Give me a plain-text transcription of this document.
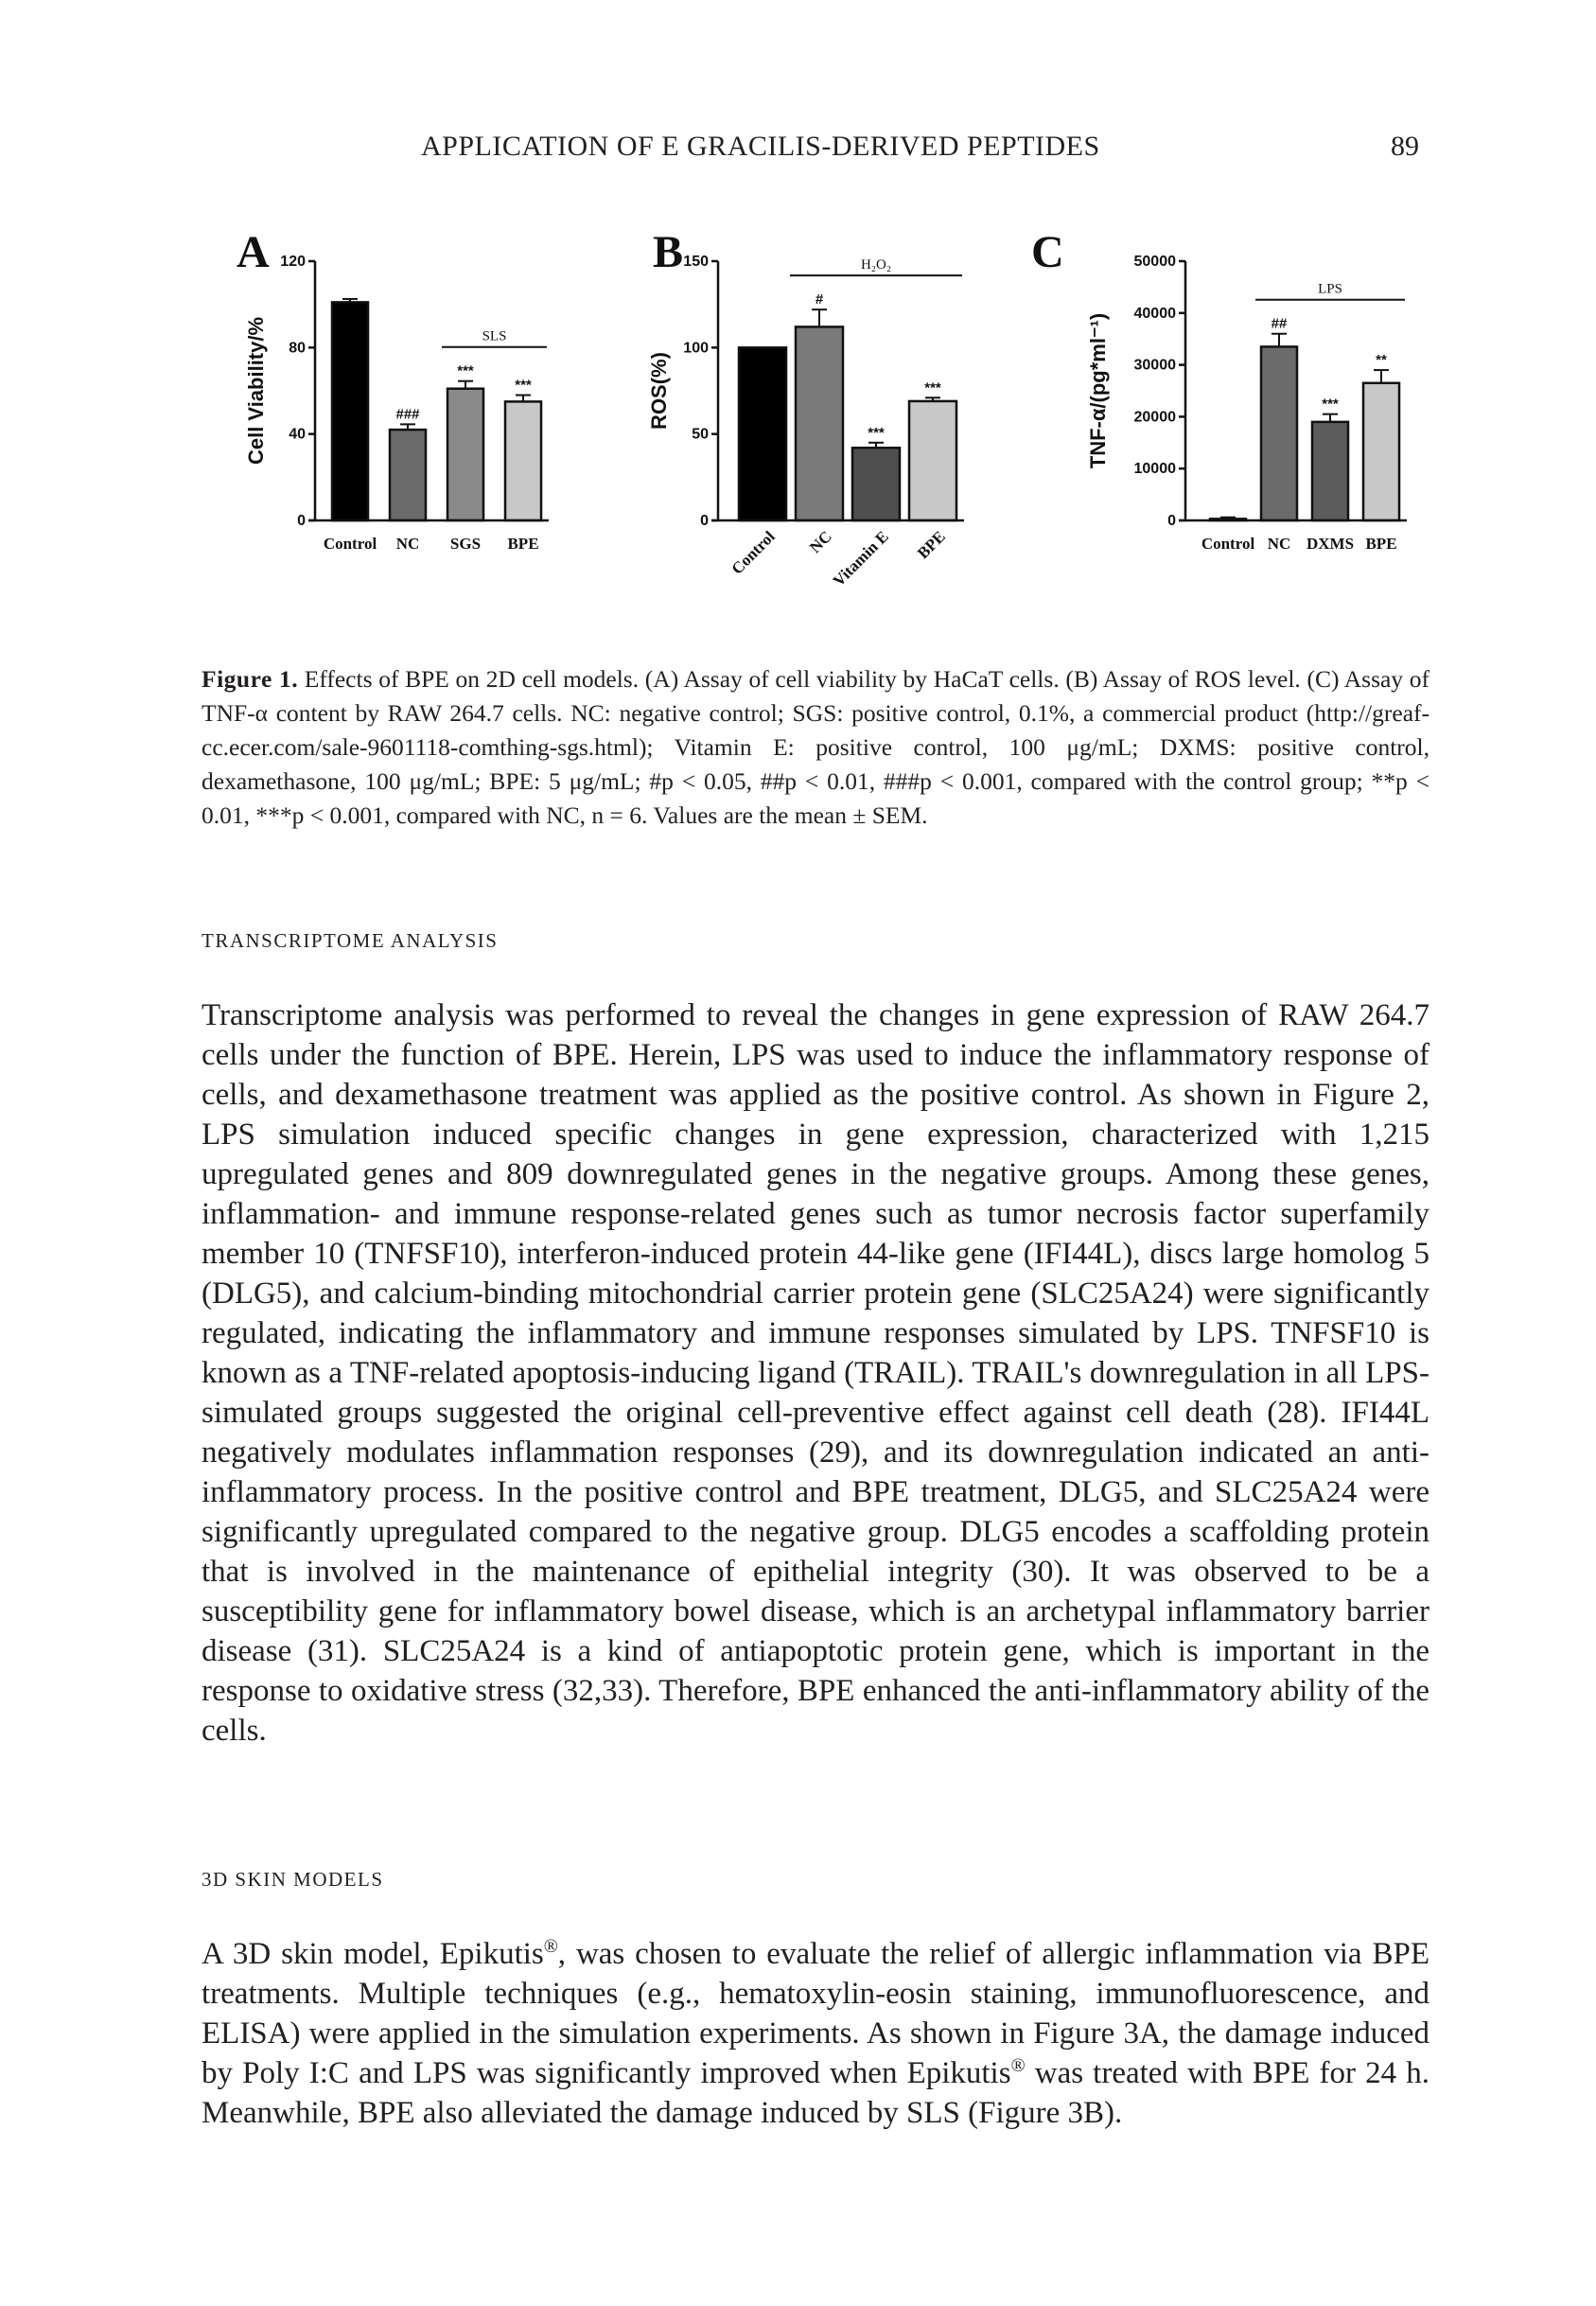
APPLICATION OF E GRACILIS-DERIVED PEPTIDES	89
A
0
40
80
120
Cell Viability/%
Control
###
NC
***
SGS
***
BPE
SLS
B
0
50
100
150
ROS(%)
Control
#
NC
***
Vitamin E
***
BPE
H₂O₂	C
0
10000
20000
30000
40000
50000
TNF-α/(pg*ml⁻¹)
Control
##
NC
***
DXMS
**
BPE
LPS
Figure 1. Effects of BPE on 2D cell models. (A) Assay of cell viability by HaCaT cells. (B) Assay of ROS level. (C) Assay of TNF-α content by RAW 264.7 cells. NC: negative control; SGS: positive control, 0.1%, a commercial product (http://greaf-cc.ecer.com/sale-9601118-comthing-sgs.html); Vitamin E: positive control, 100 μg/mL; DXMS: positive control, dexamethasone, 100 μg/mL; BPE: 5 μg/mL; #p < 0.05, ##p < 0.01, ###p < 0.001, compared with the control group; **p < 0.01, ***p < 0.001, compared with NC, n = 6. Values are the mean ± SEM.
TRANSCRIPTOME ANALYSIS
Transcriptome analysis was performed to reveal the changes in gene expression of RAW 264.7 cells under the function of BPE. Herein, LPS was used to induce the inflammatory response of cells, and dexamethasone treatment was applied as the positive control. As shown in Figure 2, LPS simulation induced specific changes in gene expression, characterized with 1,215 upregulated genes and 809 downregulated genes in the negative groups. Among these genes, inflammation- and immune response-related genes such as tumor necrosis factor superfamily member 10 (TNFSF10), interferon-induced protein 44-like gene (IFI44L), discs large homolog 5 (DLG5), and calcium-binding mitochondrial carrier protein gene (SLC25A24) were significantly regulated, indicating the inflammatory and immune responses simulated by LPS. TNFSF10 is known as a TNF-related apoptosis-inducing ligand (TRAIL). TRAIL's downregulation in all LPS-simulated groups suggested the original cell-preventive effect against cell death (28). IFI44L negatively modulates inflammation responses (29), and its downregulation indicated an anti-inflammatory process. In the positive control and BPE treatment, DLG5, and SLC25A24 were significantly upregulated compared to the negative group. DLG5 encodes a scaffolding protein that is involved in the maintenance of epithelial integrity (30). It was observed to be a susceptibility gene for inflammatory bowel disease, which is an archetypal inflammatory barrier disease (31). SLC25A24 is a kind of antiapoptotic protein gene, which is important in the response to oxidative stress (32,33). Therefore, BPE enhanced the anti-inflammatory ability of the cells.
3D SKIN MODELS
A 3D skin model, Epikutis®, was chosen to evaluate the relief of allergic inflammation via BPE treatments. Multiple techniques (e.g., hematoxylin-eosin staining, immunofluorescence, and ELISA) were applied in the simulation experiments. As shown in Figure 3A, the damage induced by Poly I:C and LPS was significantly improved when Epikutis® was treated with BPE for 24 h. Meanwhile, BPE also alleviated the damage induced by SLS (Figure 3B).
